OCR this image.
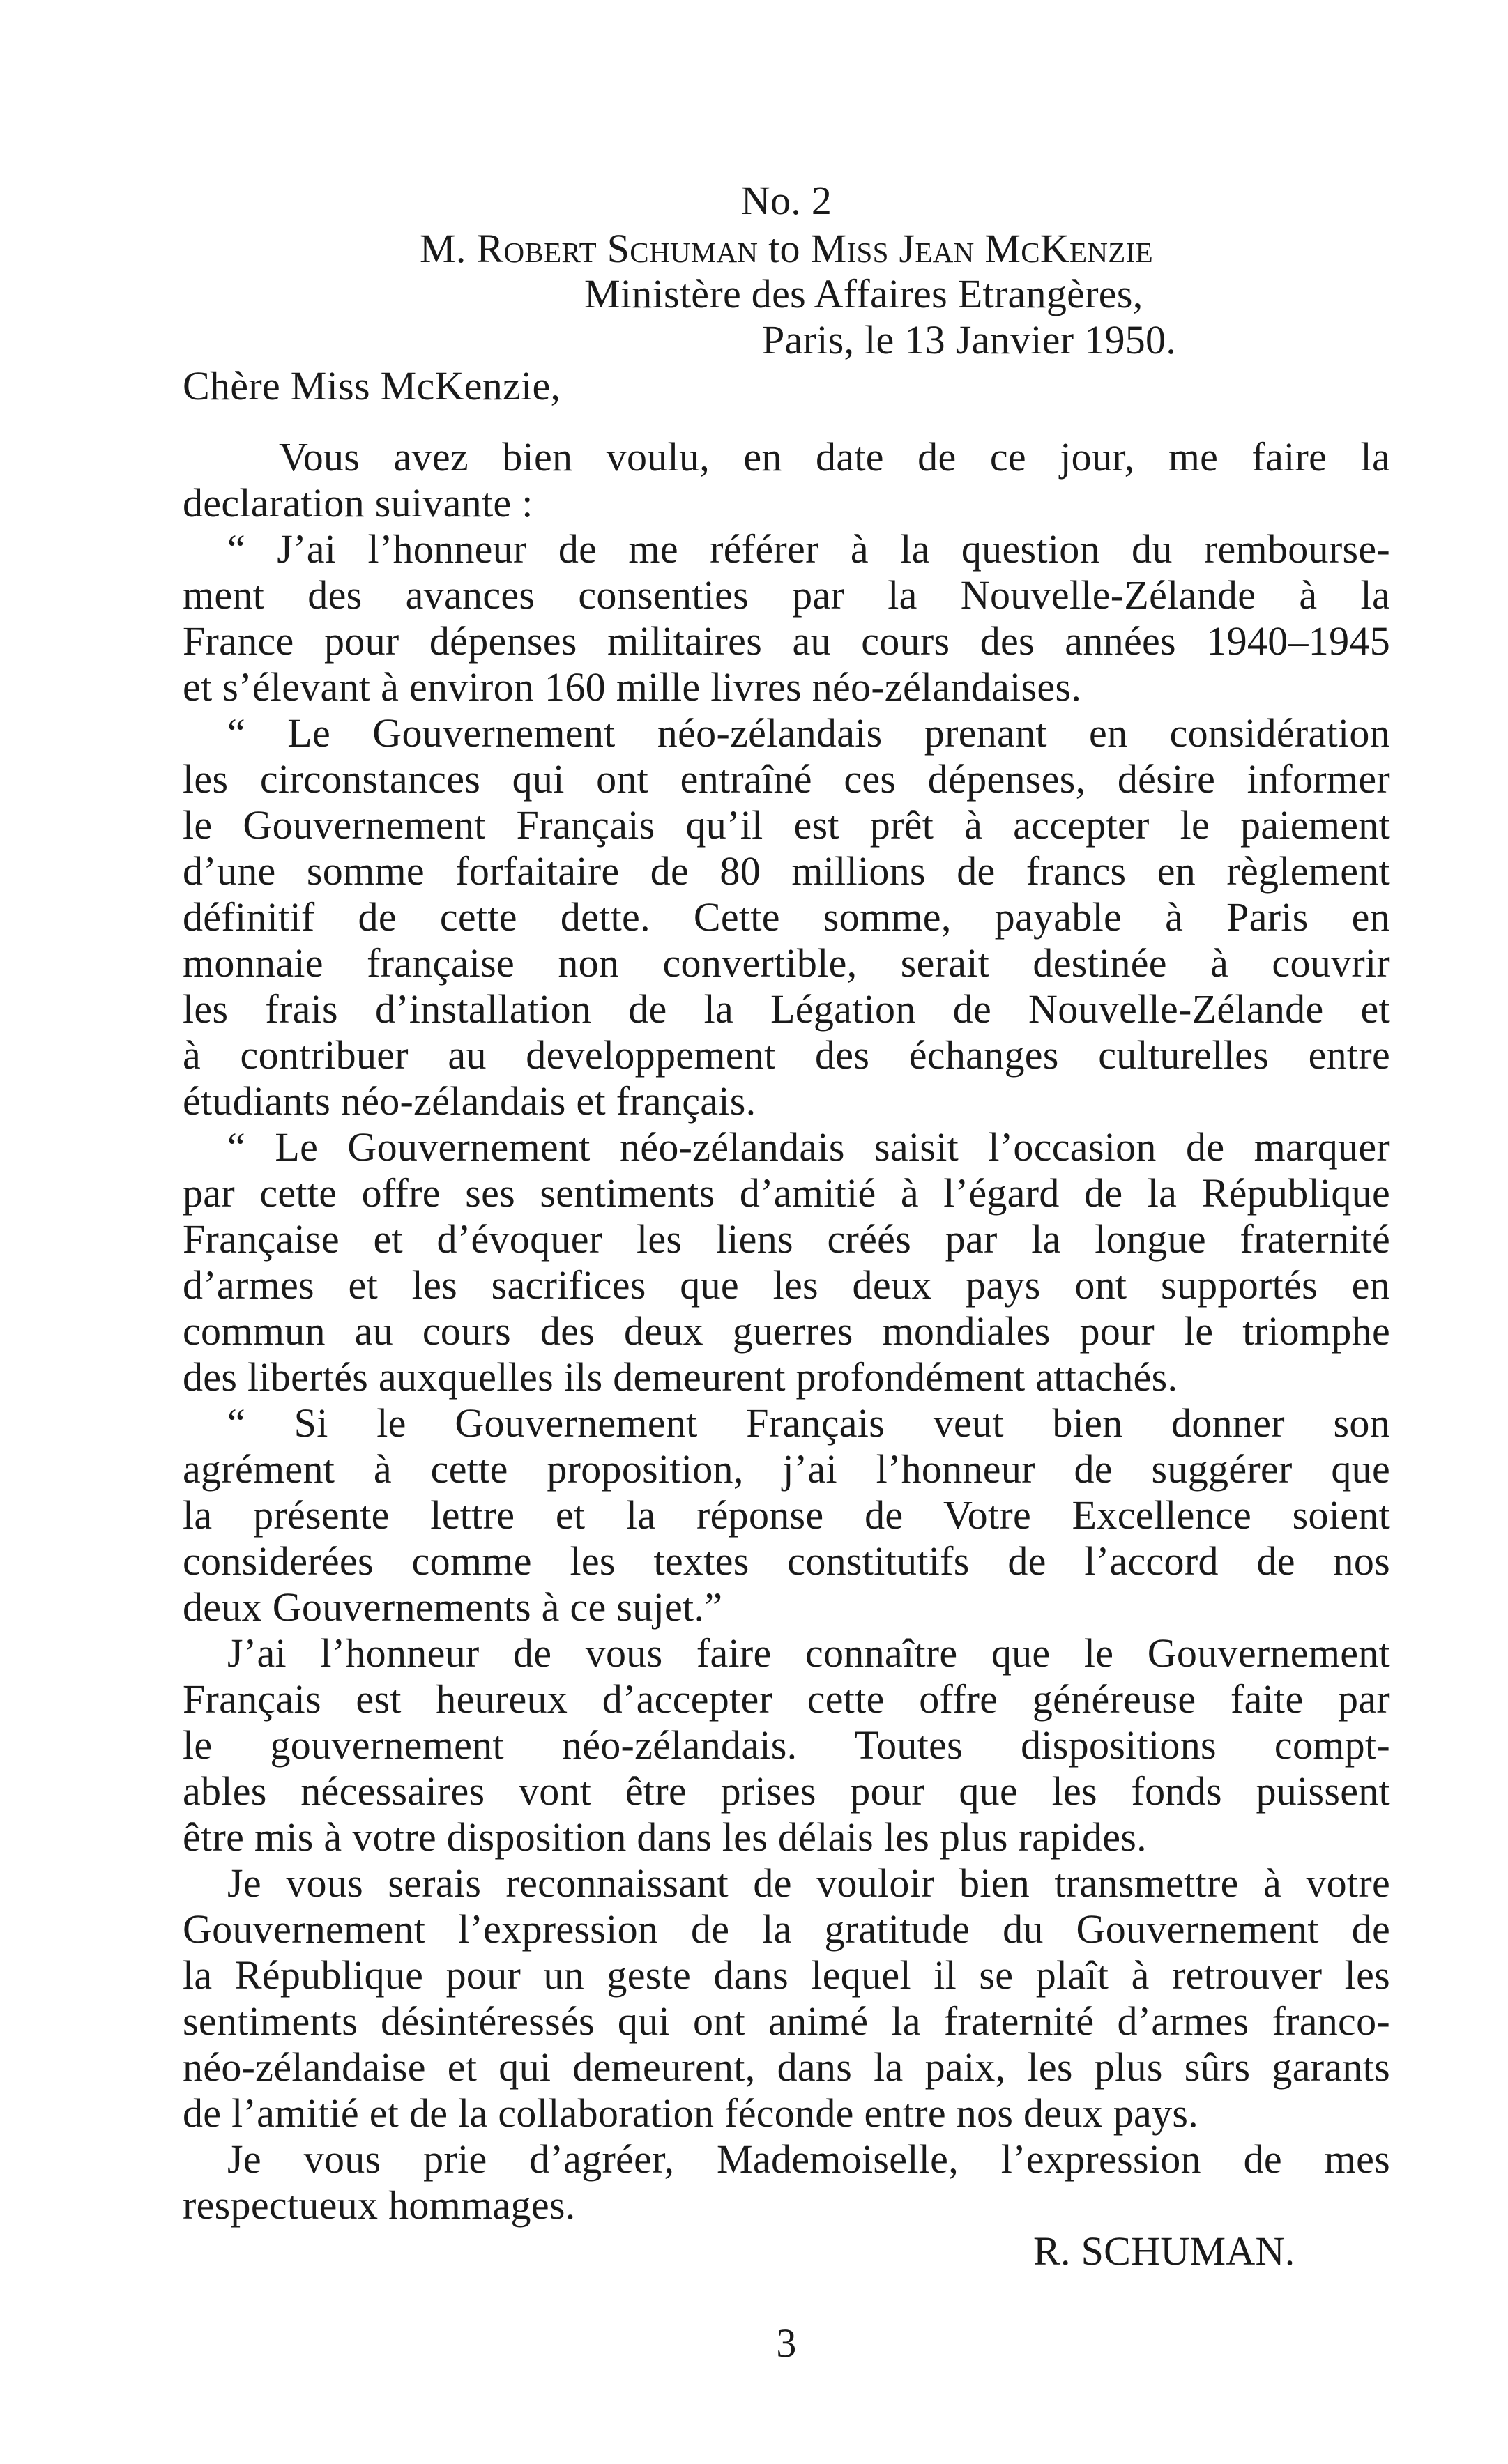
No. 2
M. Robert Schuman to Miss Jean McKenzie
Ministère des Affaires Etrangères,
Paris, le 13 Janvier 1950.
Chère Miss McKenzie,
Vous avez bien voulu, en date de ce jour, me faire la
declaration suivante :
“ J’ai l’honneur de me référer à la question du rembourse-
ment des avances consenties par la Nouvelle-Zélande à la
France pour dépenses militaires au cours des années 1940–1945
et s’élevant à environ 160 mille livres néo-zélandaises.
“ Le Gouvernement néo-zélandais prenant en considération
les circonstances qui ont entraîné ces dépenses, désire informer
le Gouvernement Français qu’il est prêt à accepter le paiement
d’une somme forfaitaire de 80 millions de francs en règlement
définitif de cette dette. Cette somme, payable à Paris en
monnaie française non convertible, serait destinée à couvrir
les frais d’installation de la Légation de Nouvelle-Zélande et
à contribuer au developpement des échanges culturelles entre
étudiants néo-zélandais et français.
“ Le Gouvernement néo-zélandais saisit l’occasion de marquer
par cette offre ses sentiments d’amitié à l’égard de la République
Française et d’évoquer les liens créés par la longue fraternité
d’armes et les sacrifices que les deux pays ont supportés en
commun au cours des deux guerres mondiales pour le triomphe
des libertés auxquelles ils demeurent profondément attachés.
“ Si le Gouvernement Français veut bien donner son
agrément à cette proposition, j’ai l’honneur de suggérer que
la présente lettre et la réponse de Votre Excellence soient
considerées comme les textes constitutifs de l’accord de nos
deux Gouvernements à ce sujet.”
J’ai l’honneur de vous faire connaître que le Gouvernement
Français est heureux d’accepter cette offre généreuse faite par
le gouvernement néo-zélandais. Toutes dispositions compt-
ables nécessaires vont être prises pour que les fonds puissent
être mis à votre disposition dans les délais les plus rapides.
Je vous serais reconnaissant de vouloir bien transmettre à votre
Gouvernement l’expression de la gratitude du Gouvernement de
la République pour un geste dans lequel il se plaît à retrouver les
sentiments désintéressés qui ont animé la fraternité d’armes franco-
néo-zélandaise et qui demeurent, dans la paix, les plus sûrs garants
de l’amitié et de la collaboration féconde entre nos deux pays.
Je vous prie d’agréer, Mademoiselle, l’expression de mes
respectueux hommages.
R. SCHUMAN.
3
